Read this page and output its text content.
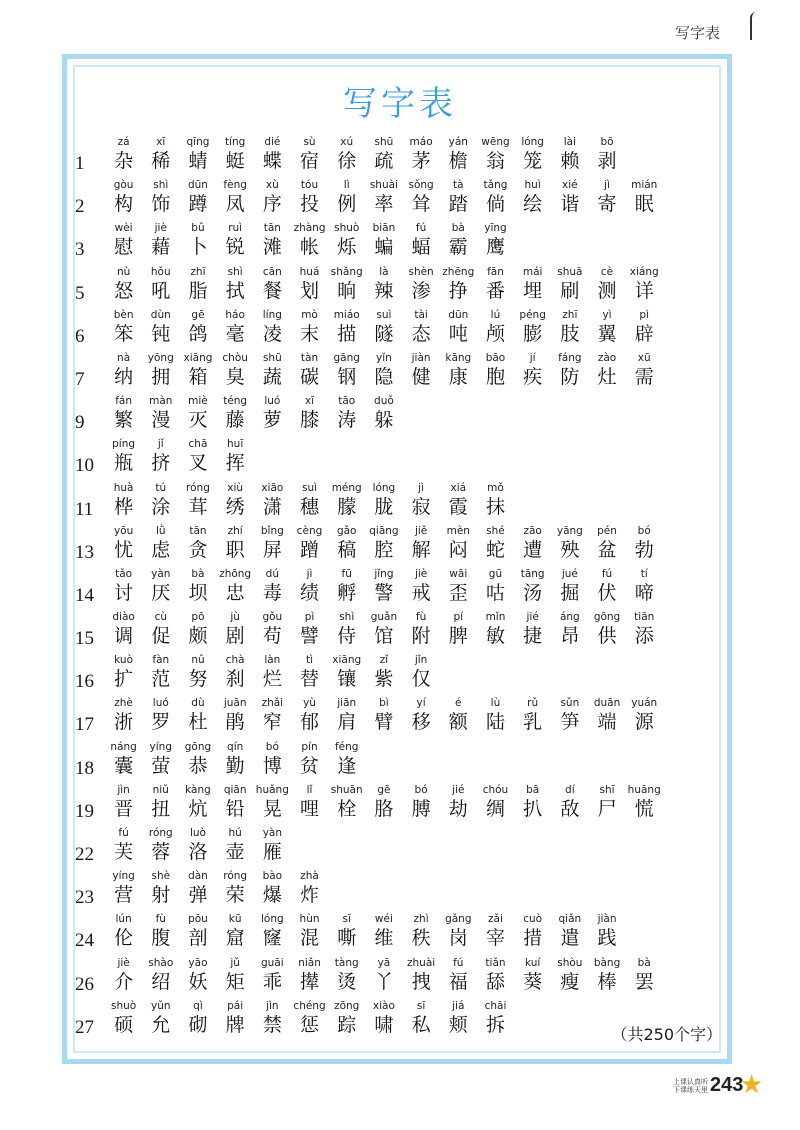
写字表
写字表
1
zá
杂
xī
稀
qīng
蜻
tíng
蜓
dié
蝶
sù
宿
xú
徐
shū
疏
máo
茅
yán
檐
wēng
翁
lóng
笼
lài
赖
bō
剥
2
gòu
构
shì
饰
dūn
蹲
fèng
凤
xù
序
tóu
投
lì
例
shuài
率
sǒng
耸
tà
踏
tǎng
倘
huì
绘
xié
谐
jì
寄
mián
眠
3
wèi
慰
jiè
藉
bǔ
卜
ruì
锐
tān
滩
zhàng
帐
shuò
烁
biān
蝙
fú
蝠
bà
霸
yīng
鹰
5
nù
怒
hǒu
吼
zhī
脂
shì
拭
cān
餐
huá
划
shǎng
晌
là
辣
shèn
渗
zhēng
挣
fān
番
mái
埋
shuā
刷
cè
测
xiáng
详
6
bèn
笨
dùn
钝
gē
鸽
háo
毫
líng
凌
mò
末
miáo
描
suì
隧
tài
态
dūn
吨
lú
颅
péng
膨
zhī
肢
yì
翼
pì
辟
7
nà
纳
yōng
拥
xiāng
箱
chòu
臭
shū
蔬
tàn
碳
gāng
钢
yǐn
隐
jiàn
健
kāng
康
bāo
胞
jí
疾
fáng
防
zào
灶
xū
需
9
fán
繁
màn
漫
miè
灭
téng
藤
luó
萝
xī
膝
tāo
涛
duǒ
躲
10
píng
瓶
jǐ
挤
chā
叉
huī
挥
11
huà
桦
tú
涂
róng
茸
xiù
绣
xiāo
潇
suì
穗
méng
朦
lóng
胧
jì
寂
xiá
霞
mǒ
抹
13
yōu
忧
lǜ
虑
tān
贪
zhí
职
bǐng
屏
cèng
蹭
gǎo
稿
qiāng
腔
jiě
解
mèn
闷
shé
蛇
zāo
遭
yāng
殃
pén
盆
bó
勃
14
tǎo
讨
yàn
厌
bà
坝
zhōng
忠
dú
毒
jì
绩
fū
孵
jǐng
警
jiè
戒
wāi
歪
gū
咕
tāng
汤
jué
掘
fú
伏
tí
啼
15
diào
调
cù
促
pō
颇
jù
剧
gǒu
苟
pì
譬
shì
侍
guǎn
馆
fù
附
pí
脾
mǐn
敏
jié
捷
áng
昂
gōng
供
tiān
添
16
kuò
扩
fàn
范
nǔ
努
chà
刹
làn
烂
tì
替
xiāng
镶
zǐ
紫
jǐn
仅
17
zhè
浙
luó
罗
dù
杜
juān
鹃
zhǎi
窄
yù
郁
jiān
肩
bì
臂
yí
移
é
额
lù
陆
rǔ
乳
sǔn
笋
duān
端
yuán
源
18
náng
囊
yíng
萤
gōng
恭
qín
勤
bó
博
pín
贫
féng
逢
19
jìn
晋
niǔ
扭
kàng
炕
qiān
铅
huǎng
晃
lǐ
哩
shuān
栓
gē
胳
bó
膊
jié
劫
chóu
绸
bā
扒
dí
敌
shī
尸
huāng
慌
22
fú
芙
róng
蓉
luò
洛
hú
壶
yàn
雁
23
yíng
营
shè
射
dàn
弹
róng
荣
bào
爆
zhà
炸
24
lún
伦
fù
腹
pōu
剖
kū
窟
lóng
窿
hùn
混
sī
嘶
wéi
维
zhì
秩
gǎng
岗
zǎi
宰
cuò
措
qiǎn
遣
jiàn
践
26
jiè
介
shào
绍
yāo
妖
jǔ
矩
guāi
乖
niǎn
撵
tàng
烫
yā
丫
zhuài
拽
fú
福
tiǎn
舔
kuí
葵
shòu
瘦
bàng
棒
bà
罢
27
shuò
硕
yǔn
允
qì
砌
pái
牌
jìn
禁
chéng
惩
zōng
踪
xiào
啸
sī
私
jiá
颊
chāi
拆	（共250个字）
上课认真听
下课练天里 243
★
